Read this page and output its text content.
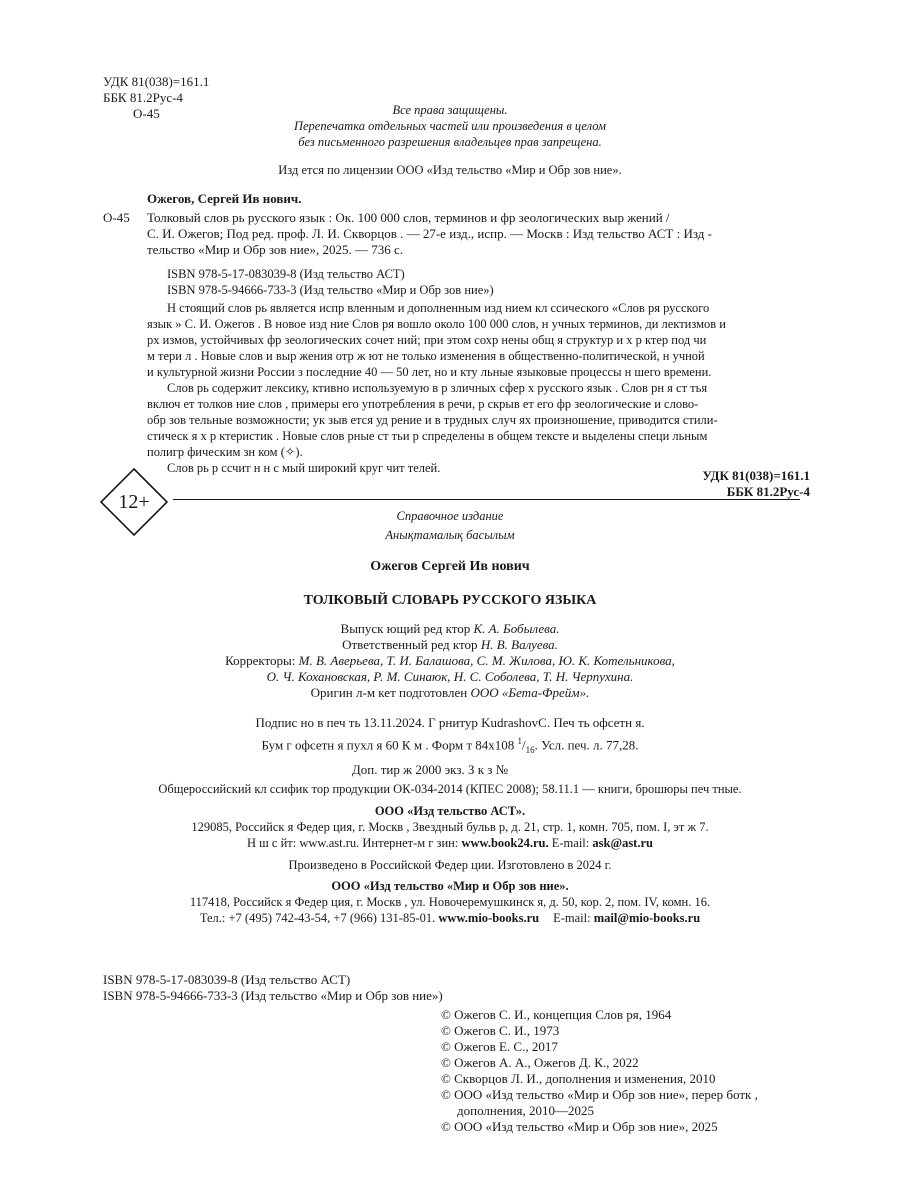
УДК 81(038)=161.1
ББК 81.2Рус-4
О-45	Все права защищены.
Перепечатка отдельных частей или произведения в целом
без письменного разрешения владельцев прав запрещена.
Изд ется по лицензии ООО «Изд тельство «Мир и Обр зов ние».
Ожегов, Сергей Ив нович.
О-45 Толковый слов рь русского язык : Ок. 100 000 слов, терминов и фр зеологических выр жений /
С. И. Ожегов; Под ред. проф. Л. И. Скворцов . — 27-е изд., испр. — Москв : Изд тельство АСТ : Изд -
тельство «Мир и Обр зов ние», 2025. — 736 с.
ISBN 978-5-17-083039-8 (Изд тельство АСТ)
ISBN 978-5-94666-733-3 (Изд тельство «Мир и Обр зов ние»)
Н стоящий слов рь является испр вленным и дополненным изд нием кл ссического «Слов ря русского
язык » С. И. Ожегов . В новое изд ние Слов ря вошло около 100 000 слов, н учных терминов, ди лектизмов и
рх измов, устойчивых фр зеологических сочет ний; при этом сохр нены общ я структур и х р ктер под чи
м тери л . Новые слов и выр жения отр ж ют не только изменения в общественно-политической, н учной
и культурной жизни России з последние 40 — 50 лет, но и кту льные языковые процессы н шего времени.
Слов рь содержит лексику, ктивно используемую в р зличных сфер х русского язык . Слов рн я ст тья
включ ет толков ние слов , примеры его употребления в речи, р скрыв ет его фр зеологические и слово-
обр зов тельные возможности; ук зыв ется уд рение и в трудных случ ях произношение, приводится стили-
стическ я х р ктеристик . Новые слов рные ст тьи р спределены в общем тексте и выделены специ льным
полигр фическим зн ком (✧).
Слов рь р ссчит н н с мый широкий круг чит телей.	УДК 81(038)=161.1
ББК 81.2Рус-4
12+
Справочное издание
Анықтамалық басылым
Ожегов Сергей Ив нович
ТОЛКОВЫЙ СЛОВАРЬ РУССКОГО ЯЗЫКА
Выпуск ющий ред ктор К. А. Бобылева.
Ответственный ред ктор Н. В. Валуева.
Корректоры: М. В. Аверьева, Т. И. Балашова, С. М. Жилова, Ю. К. Котельникова,
О. Ч. Кохановская, Р. М. Синаюк, Н. С. Соболева, Т. Н. Черпухина.
Оригин л-м кет подготовлен ООО «Бета-Фрейм».
Подпис но в печ ть 13.11.2024. Г рнитур KudrashovC. Печ ть офсетн я.
Бум г офсетн я пухл я 60 К м . Форм т 84х108 $^1/_{16}$. Усл. печ. л. 77,28.
Доп. тир ж 2000 экз. З к з №
Общероссийский кл ссифик тор продукции ОК-034-2014 (КПЕС 2008); 58.11.1 — книги, брошюры печ тные.
ООО «Изд тельство АСТ».
129085, Российск я Федер ция, г. Москв , Звездный бульв р, д. 21, стр. 1, комн. 705, пом. I, эт ж 7.
Н ш с йт: www.ast.ru. Интернет-м г зин: www.book24.ru. E-mail: ask@ast.ru
Произведено в Российской Федер ции. Изготовлено в 2024 г.
ООО «Изд тельство «Мир и Обр зов ние».
117418, Российск я Федер ция, г. Москв , ул. Новочеремушкинск я, д. 50, кор. 2, пом. IV, комн. 16.
Тел.: +7 (495) 742-43-54, +7 (966) 131-85-01. www.mio-books.ru E-mail: mail@mio-books.ru
ISBN 978-5-17-083039-8 (Изд тельство АСТ)
ISBN 978-5-94666-733-3 (Изд тельство «Мир и Обр зов ние»)
© Ожегов С. И., концепция Слов ря, 1964
© Ожегов С. И., 1973
© Ожегов Е. С., 2017
© Ожегов А. А., Ожегов Д. К., 2022
© Скворцов Л. И., дополнения и изменения, 2010
© ООО «Изд тельство «Мир и Обр зов ние», перер ботк ,
дополнения, 2010—2025
© ООО «Изд тельство «Мир и Обр зов ние», 2025
